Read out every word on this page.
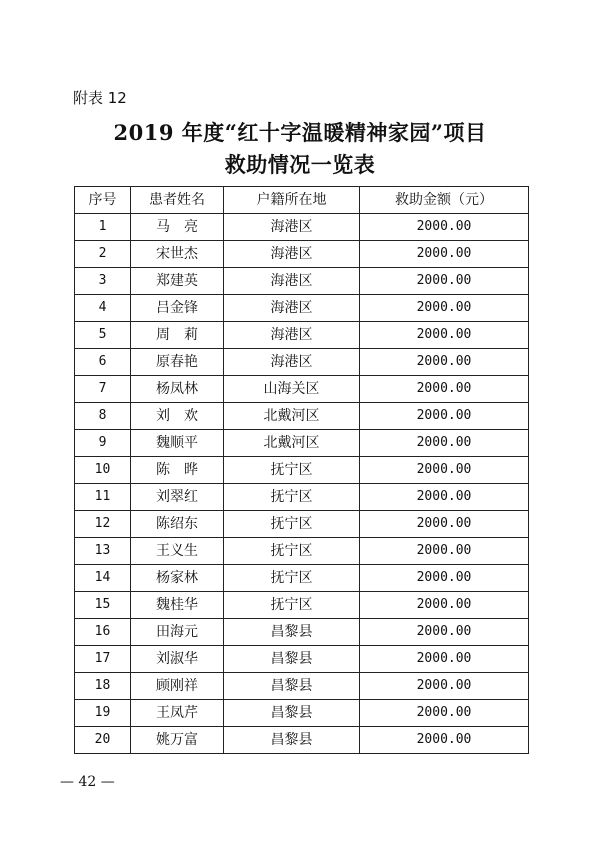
附表 12
2019 年度“红十字温暖精神家园”项目
救助情况一览表
序号	患者姓名	户籍所在地	救助金额（元）
1	马　亮	海港区	2000.00
2	宋世杰	海港区	2000.00
3	郑建英	海港区	2000.00
4	吕金锋	海港区	2000.00
5	周　莉	海港区	2000.00
6	原春艳	海港区	2000.00
7	杨凤林	山海关区	2000.00
8	刘　欢	北戴河区	2000.00
9	魏顺平	北戴河区	2000.00
10	陈　晔	抚宁区	2000.00
11	刘翠红	抚宁区	2000.00
12	陈绍东	抚宁区	2000.00
13	王义生	抚宁区	2000.00
14	杨家林	抚宁区	2000.00
15	魏桂华	抚宁区	2000.00
16	田海元	昌黎县	2000.00
17	刘淑华	昌黎县	2000.00
18	顾刚祥	昌黎县	2000.00
19	王凤芹	昌黎县	2000.00
20	姚万富	昌黎县	2000.00
— 42 —
